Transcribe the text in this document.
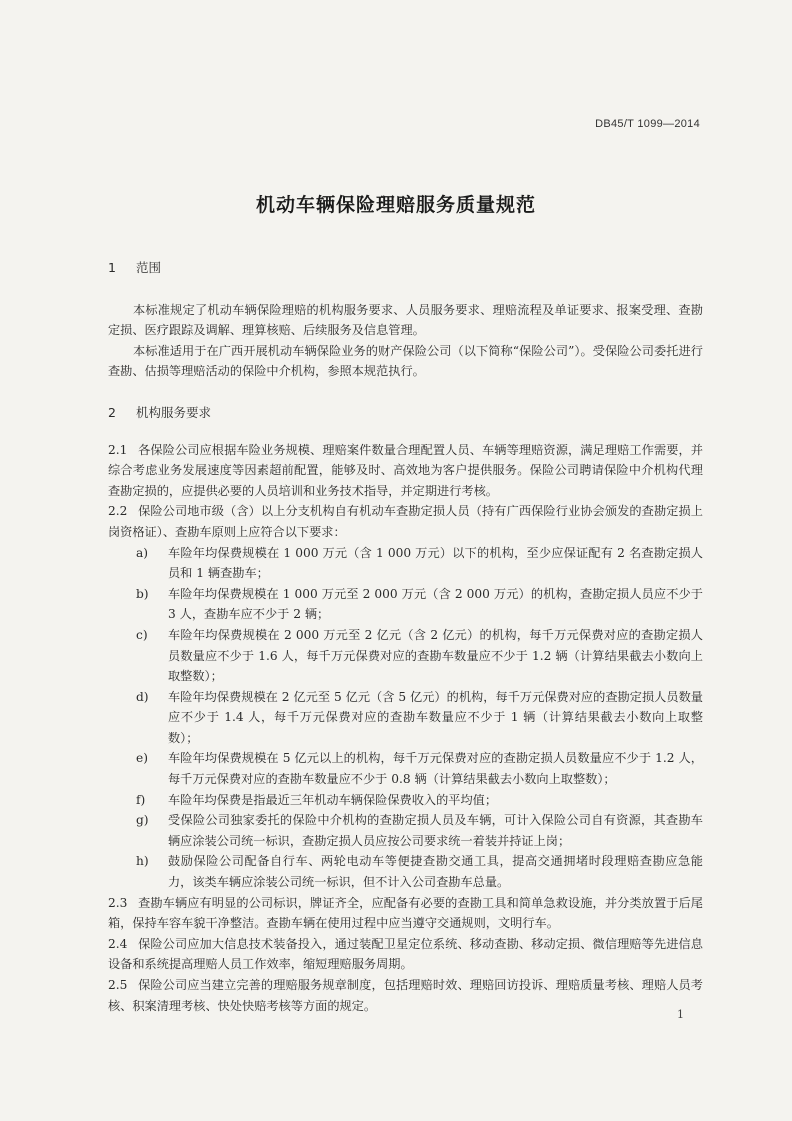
DB45/T 1099—2014
机动车辆保险理赔服务质量规范
1 范围

本标准规定了机动车辆保险理赔的机构服务要求、人员服务要求、理赔流程及单证要求、报案受理、查勘定损、医疗跟踪及调解、理算核赔、后续服务及信息管理。

本标准适用于在广西开展机动车辆保险业务的财产保险公司（以下简称“保险公司”）。受保险公司委托进行查勘、估损等理赔活动的保险中介机构，参照本规范执行。

2 机构服务要求

2.1 各保险公司应根据车险业务规模、理赔案件数量合理配置人员、车辆等理赔资源，满足理赔工作需要，并综合考虑业务发展速度等因素超前配置，能够及时、高效地为客户提供服务。保险公司聘请保险中介机构代理查勘定损的，应提供必要的人员培训和业务技术指导，并定期进行考核。

2.2 保险公司地市级（含）以上分支机构自有机动车查勘定损人员（持有广西保险行业协会颁发的查勘定损上岗资格证）、查勘车原则上应符合以下要求：

a)	车险年均保费规模在 1 000 万元（含 1 000 万元）以下的机构，至少应保证配有 2 名查勘定损人员和 1 辆查勘车；
b)	车险年均保费规模在 1 000 万元至 2 000 万元（含 2 000 万元）的机构，查勘定损人员应不少于 3 人，查勘车应不少于 2 辆；
c)	车险年均保费规模在 2 000 万元至 2 亿元（含 2 亿元）的机构，每千万元保费对应的查勘定损人员数量应不少于 1.6 人，每千万元保费对应的查勘车数量应不少于 1.2 辆（计算结果截去小数向上取整数）；
d)	车险年均保费规模在 2 亿元至 5 亿元（含 5 亿元）的机构，每千万元保费对应的查勘定损人员数量应不少于 1.4 人，每千万元保费对应的查勘车数量应不少于 1 辆（计算结果截去小数向上取整数）；
e)	车险年均保费规模在 5 亿元以上的机构，每千万元保费对应的查勘定损人员数量应不少于 1.2 人，每千万元保费对应的查勘车数量应不少于 0.8 辆（计算结果截去小数向上取整数）；
f)	车险年均保费是指最近三年机动车辆保险保费收入的平均值；
g)	受保险公司独家委托的保险中介机构的查勘定损人员及车辆，可计入保险公司自有资源，其查勘车辆应涂装公司统一标识，查勘定损人员应按公司要求统一着装并持证上岗；
h)	鼓励保险公司配备自行车、两轮电动车等便捷查勘交通工具，提高交通拥堵时段理赔查勘应急能力，该类车辆应涂装公司统一标识，但不计入公司查勘车总量。

2.3 查勘车辆应有明显的公司标识，牌证齐全，应配备有必要的查勘工具和简单急救设施，并分类放置于后尾箱，保持车容车貌干净整洁。查勘车辆在使用过程中应当遵守交通规则，文明行车。

2.4 保险公司应加大信息技术装备投入，通过装配卫星定位系统、移动查勘、移动定损、微信理赔等先进信息设备和系统提高理赔人员工作效率，缩短理赔服务周期。

2.5 保险公司应当建立完善的理赔服务规章制度，包括理赔时效、理赔回访投诉、理赔质量考核、理赔人员考核、积案清理考核、快处快赔考核等方面的规定。

1
